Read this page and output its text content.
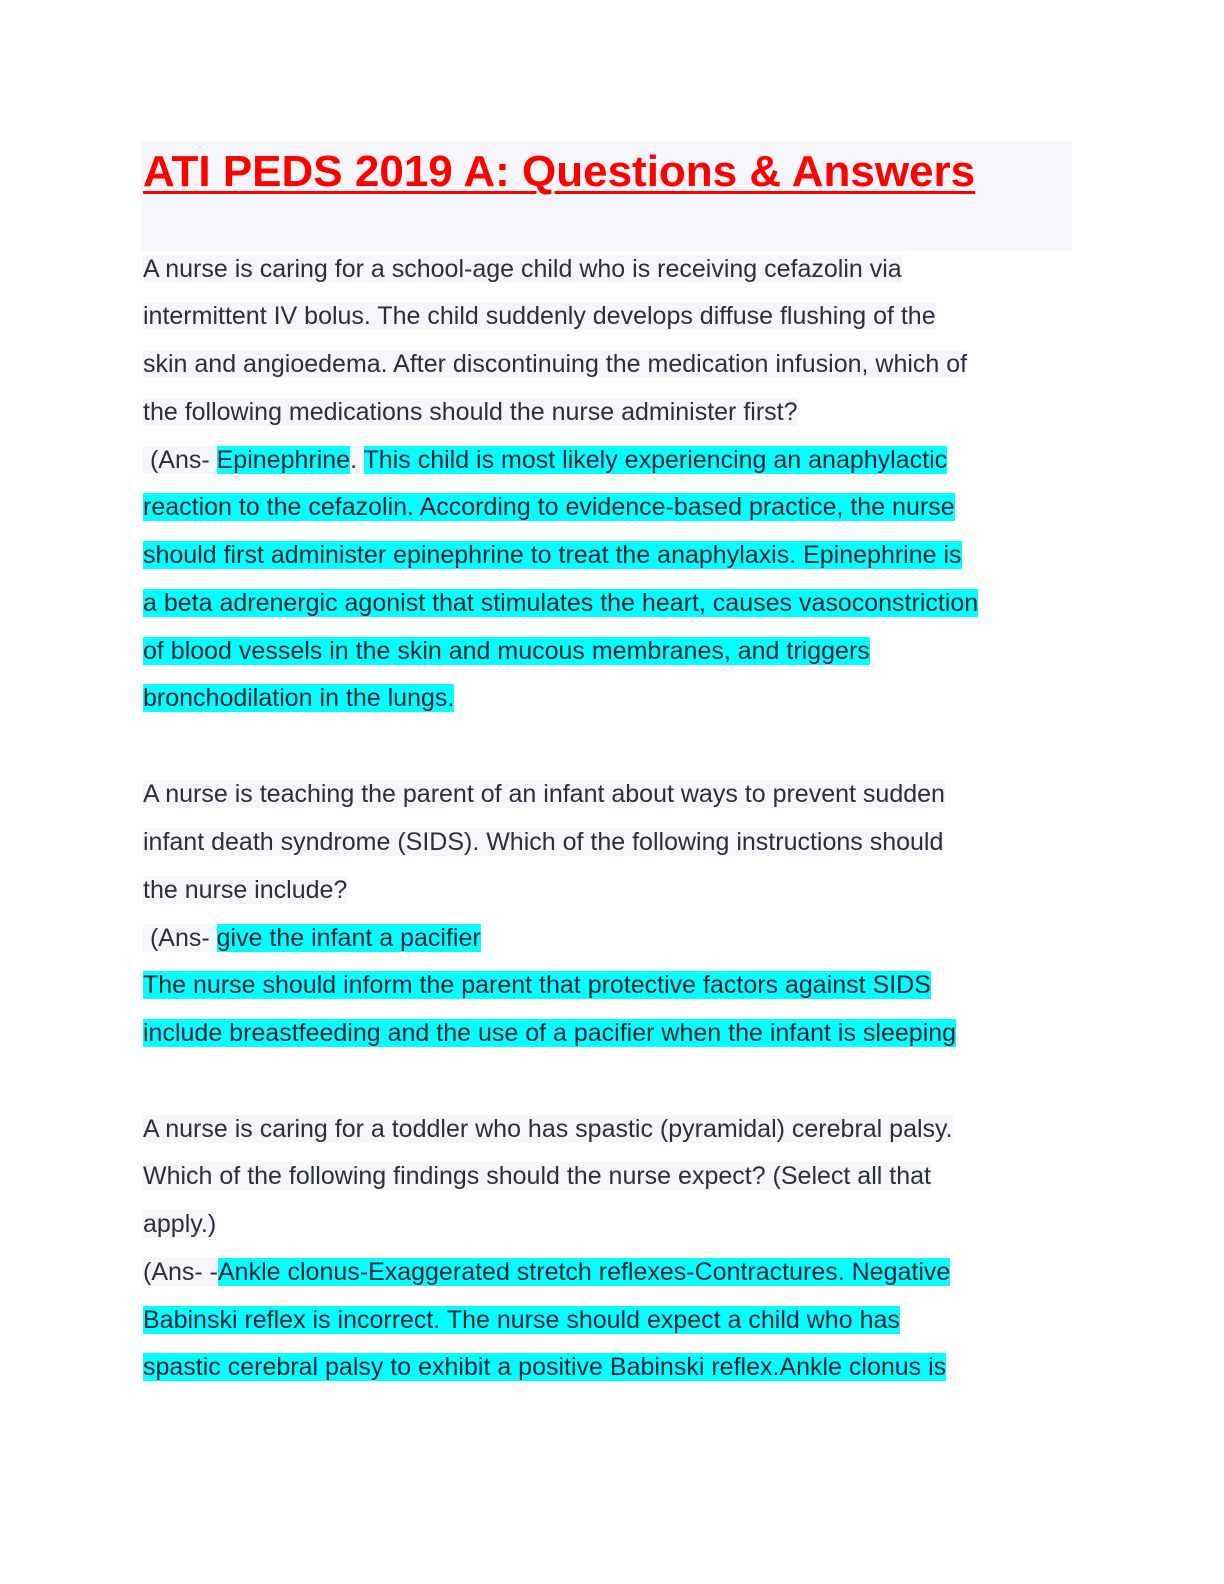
ATI PEDS 2019 A: Questions & Answers
A nurse is caring for a school-age child who is receiving cefazolin via
intermittent IV bolus. The child suddenly develops diffuse flushing of the
skin and angioedema. After discontinuing the medication infusion, which of
the following medications should the nurse administer first?
(Ans- Epinephrine. This child is most likely experiencing an anaphylactic
reaction to the cefazolin. According to evidence-based practice, the nurse
should first administer epinephrine to treat the anaphylaxis. Epinephrine is
a beta adrenergic agonist that stimulates the heart, causes vasoconstriction
of blood vessels in the skin and mucous membranes, and triggers
bronchodilation in the lungs.
A nurse is teaching the parent of an infant about ways to prevent sudden
infant death syndrome (SIDS). Which of the following instructions should
the nurse include?
(Ans- give the infant a pacifier
The nurse should inform the parent that protective factors against SIDS
include breastfeeding and the use of a pacifier when the infant is sleeping
A nurse is caring for a toddler who has spastic (pyramidal) cerebral palsy.
Which of the following findings should the nurse expect? (Select all that
apply.)
(Ans- -Ankle clonus-Exaggerated stretch reflexes-Contractures. Negative
Babinski reflex is incorrect. The nurse should expect a child who has
spastic cerebral palsy to exhibit a positive Babinski reflex.Ankle clonus is
